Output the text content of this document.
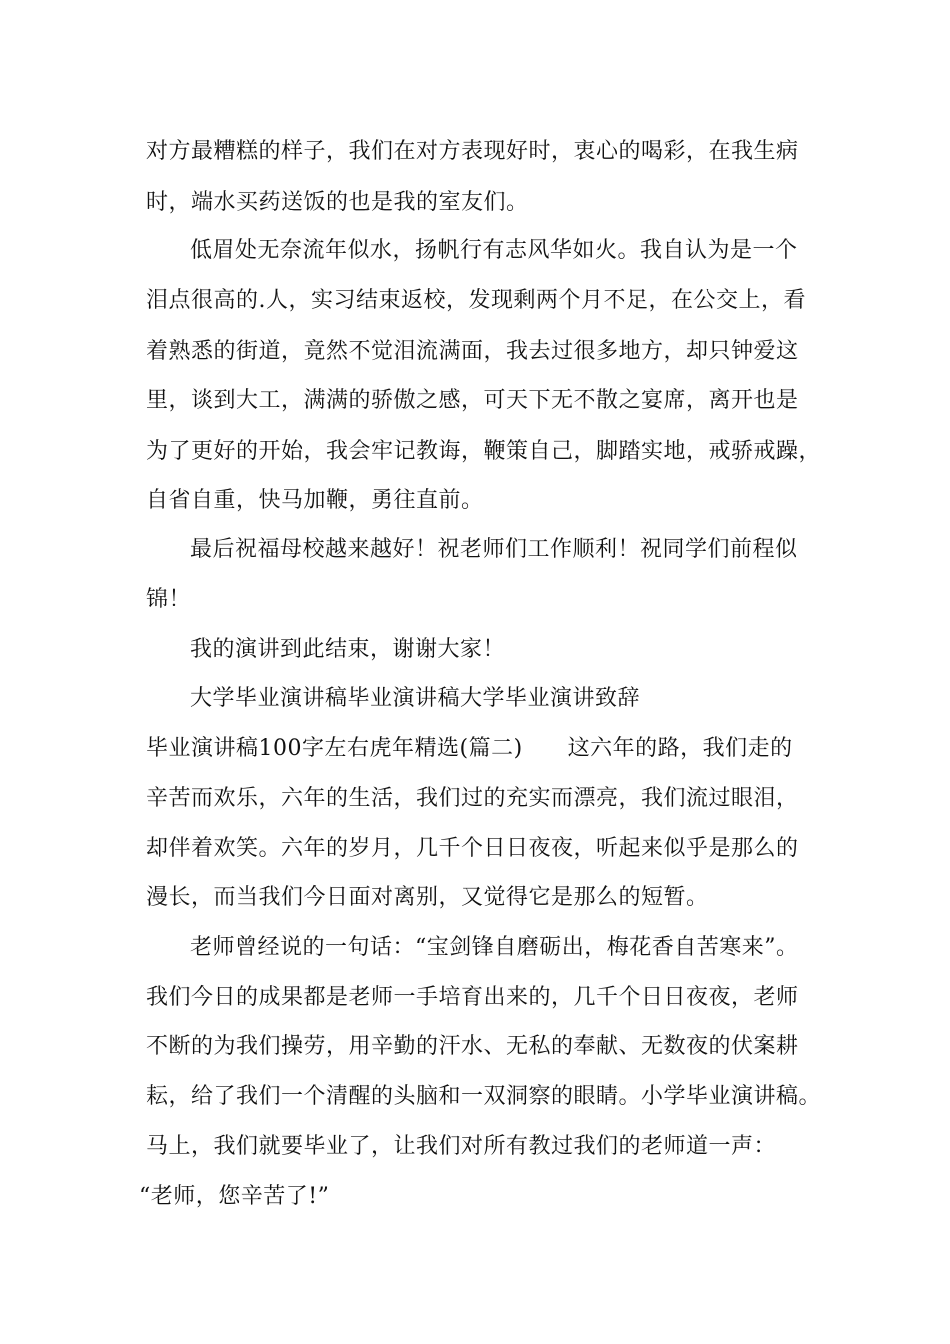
对方最糟糕的样子，我们在对方表现好时，衷心的喝彩，在我生病
时，端水买药送饭的也是我的室友们。
低眉处无奈流年似水，扬帆行有志风华如火。我自认为是一个
泪点很高的.人，实习结束返校，发现剩两个月不足，在公交上，看
着熟悉的街道，竟然不觉泪流满面，我去过很多地方，却只钟爱这
里，谈到大工，满满的骄傲之感，可天下无不散之宴席，离开也是
为了更好的开始，我会牢记教诲，鞭策自己，脚踏实地，戒骄戒躁，
自省自重，快马加鞭，勇往直前。
最后祝福母校越来越好！祝老师们工作顺利！祝同学们前程似
锦！
我的演讲到此结束，谢谢大家！
大学毕业演讲稿毕业演讲稿大学毕业演讲致辞
毕业演讲稿100字左右虎年精选(篇二)　　这六年的路，我们走的
辛苦而欢乐，六年的生活，我们过的充实而漂亮，我们流过眼泪，
却伴着欢笑。六年的岁月，几千个日日夜夜，听起来似乎是那么的
漫长，而当我们今日面对离别，又觉得它是那么的短暂。
老师曾经说的一句话：“宝剑锋自磨砺出，梅花香自苦寒来”。
我们今日的成果都是老师一手培育出来的，几千个日日夜夜，老师
不断的为我们操劳，用辛勤的汗水、无私的奉献、无数夜的伏案耕
耘，给了我们一个清醒的头脑和一双洞察的眼睛。小学毕业演讲稿。
马上，我们就要毕业了，让我们对所有教过我们的老师道一声：
“老师，您辛苦了!”
